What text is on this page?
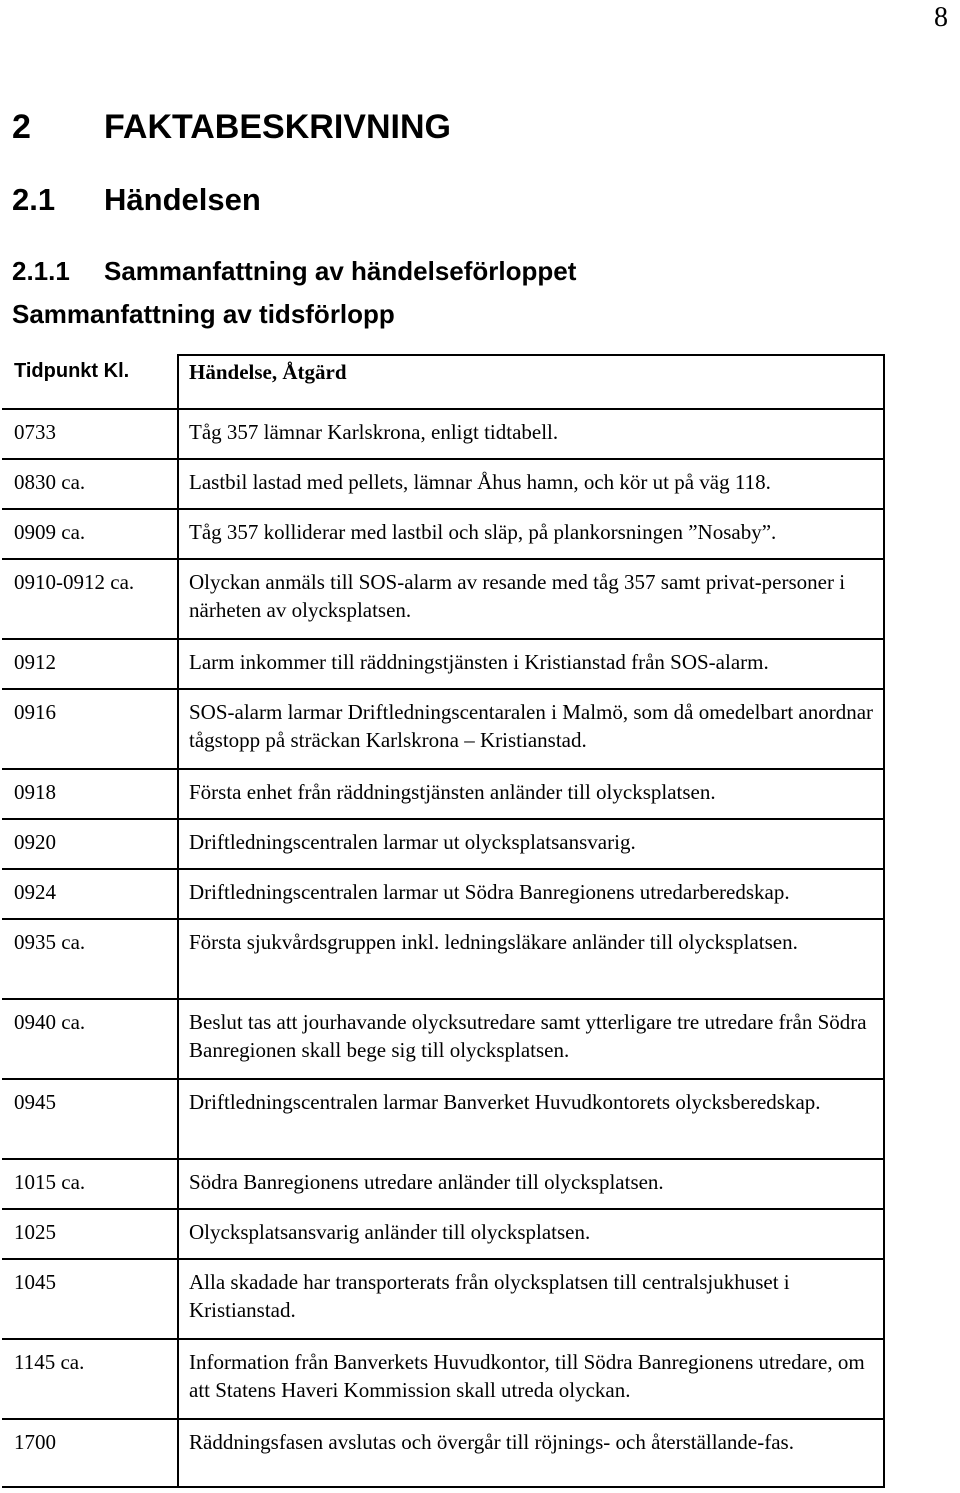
8
2 FAKTABESKRIVNING
2.1 Händelsen
2.1.1 Sammanfattning av händelseförloppet
Sammanfattning av tidsförlopp
Tidpunkt Kl.	Händelse, Åtgärd
0733	Tåg 357 lämnar Karlskrona, enligt tidtabell.
0830 ca.	Lastbil lastad med pellets, lämnar Åhus hamn, och kör ut på väg 118.
0909 ca.	Tåg 357 kolliderar med lastbil och släp, på plankorsningen ”Nosaby”.
0910-0912 ca.	Olyckan anmäls till SOS-alarm av resande med tåg 357 samt privat-personer i närheten av olycksplatsen.
0912	Larm inkommer till räddningstjänsten i Kristianstad från SOS-alarm.
0916	SOS-alarm larmar Driftledningscentaralen i Malmö, som då omedelbart anordnar tågstopp på sträckan Karlskrona – Kristianstad.
0918	Första enhet från räddningstjänsten anländer till olycksplatsen.
0920	Driftledningscentralen larmar ut olycksplatsansvarig.
0924	Driftledningscentralen larmar ut Södra Banregionens utredarberedskap.
0935 ca.	Första sjukvårdsgruppen inkl. ledningsläkare anländer till olycksplatsen.
0940 ca.	Beslut tas att jourhavande olycksutredare samt ytterligare tre utredare från Södra Banregionen skall bege sig till olycksplatsen.
0945	Driftledningscentralen larmar Banverket Huvudkontorets olycksberedskap.
1015 ca.	Södra Banregionens utredare anländer till olycksplatsen.
1025	Olycksplatsansvarig anländer till olycksplatsen.
1045	Alla skadade har transporterats från olycksplatsen till centralsjukhuset i Kristianstad.
1145 ca.	Information från Banverkets Huvudkontor, till Södra Banregionens utredare, om att Statens Haveri Kommission skall utreda olyckan.
1700	Räddningsfasen avslutas och övergår till röjnings- och återställande-fas.
